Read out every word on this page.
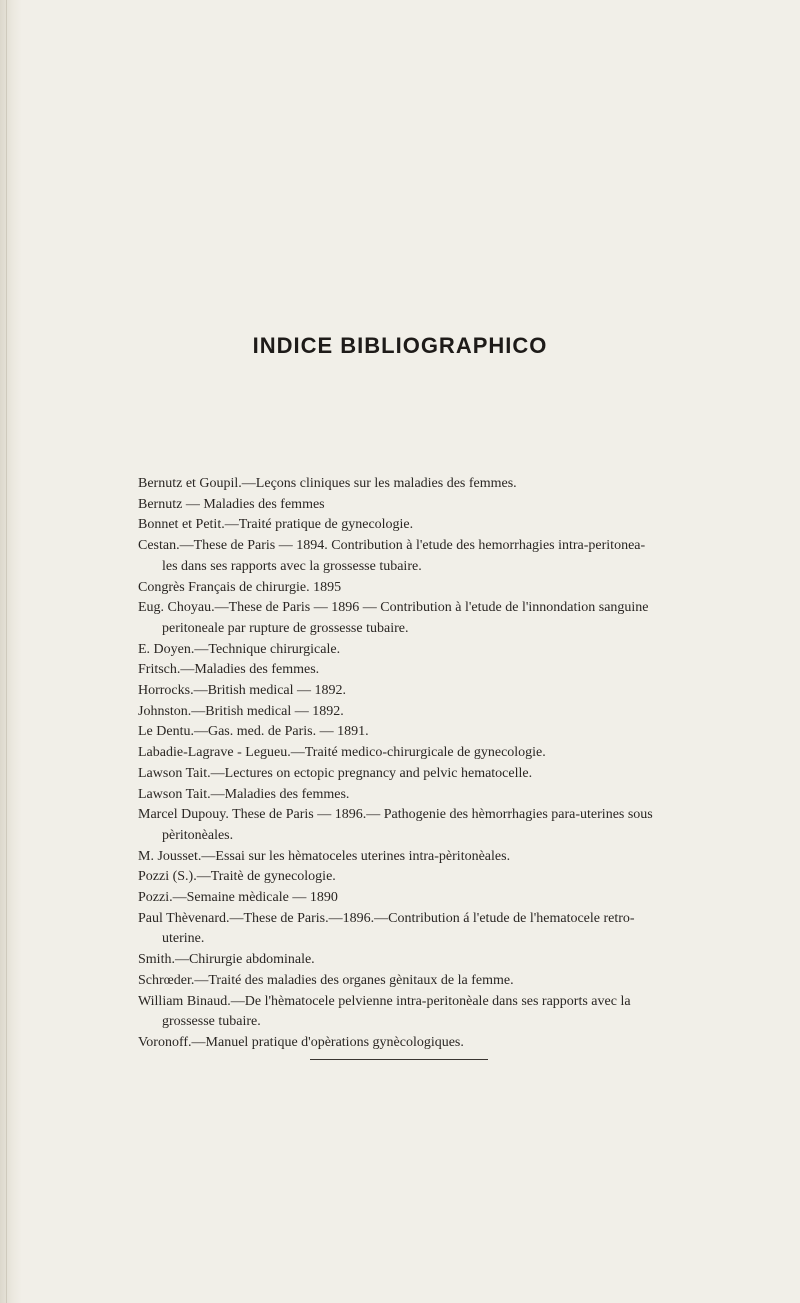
INDICE BIBLIOGRAPHICO
Bernutz et Goupil.—Leçons cliniques sur les maladies des femmes.
Bernutz — Maladies des femmes
Bonnet et Petit.—Traité pratique de gynecologie.
Cestan.—These de Paris — 1894. Contribution à l'etude des hemorrhagies intra-peritonea-
les dans ses rapports avec la grossesse tubaire.
Congrès Français de chirurgie. 1895
Eug. Choyau.—These de Paris — 1896 — Contribution à l'etude de l'innondation sanguine
peritoneale par rupture de grossesse tubaire.
E. Doyen.—Technique chirurgicale.
Fritsch.—Maladies des femmes.
Horrocks.—British medical — 1892.
Johnston.—British medical — 1892.
Le Dentu.—Gas. med. de Paris. — 1891.
Labadie-Lagrave - Legueu.—Traité medico-chirurgicale de gynecologie.
Lawson Tait.—Lectures on ectopic pregnancy and pelvic hematocelle.
Lawson Tait.—Maladies des femmes.
Marcel Dupouy. These de Paris — 1896.— Pathogenie des hèmorrhagies para-uterines sous
pèritonèales.
M. Jousset.—Essai sur les hèmatoceles uterines intra-pèritonèales.
Pozzi (S.).—Traitè de gynecologie.
Pozzi.—Semaine mèdicale — 1890
Paul Thèvenard.—These de Paris.—1896.—Contribution á l'etude de l'hematocele retro-
uterine.
Smith.—Chirurgie abdominale.
Schrœder.—Traité des maladies des organes gènitaux de la femme.
William Binaud.—De l'hèmatocele pelvienne intra-peritonèale dans ses rapports avec la
grossesse tubaire.
Voronoff.—Manuel pratique d'opèrations gynècologiques.
